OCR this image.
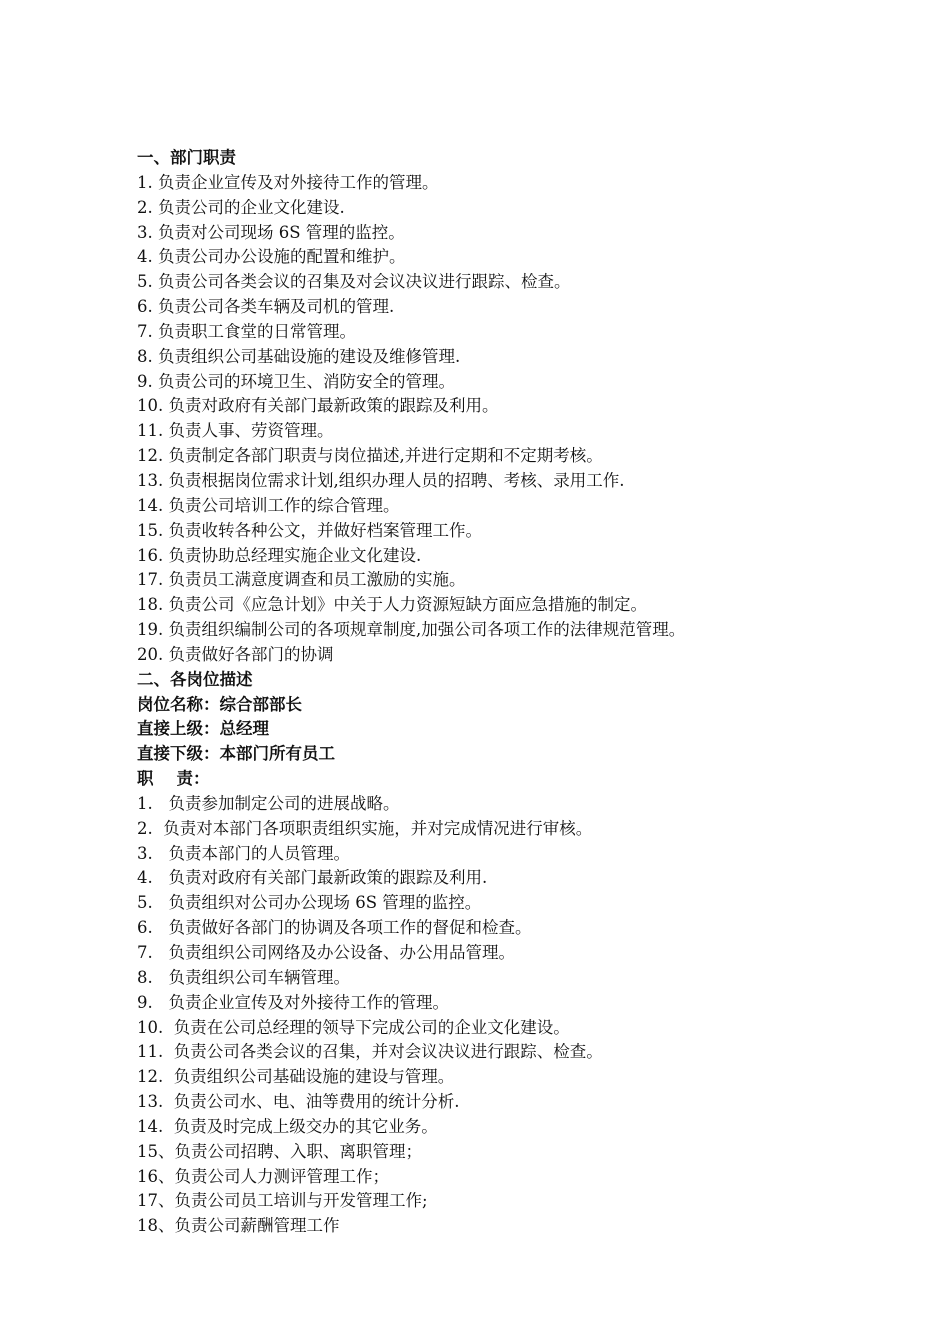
一、部门职责
1. 负责企业宣传及对外接待工作的管理。
2. 负责公司的企业文化建设.
3. 负责对公司现场 6S 管理的监控。
4. 负责公司办公设施的配置和维护。
5. 负责公司各类会议的召集及对会议决议进行跟踪、检查。
6. 负责公司各类车辆及司机的管理.
7. 负责职工食堂的日常管理。
8. 负责组织公司基础设施的建设及维修管理.
9. 负责公司的环境卫生、消防安全的管理。
10. 负责对政府有关部门最新政策的跟踪及利用。
11. 负责人事、劳资管理。
12. 负责制定各部门职责与岗位描述,并进行定期和不定期考核。
13. 负责根据岗位需求计划,组织办理人员的招聘、考核、录用工作.
14. 负责公司培训工作的综合管理。
15. 负责收转各种公文，并做好档案管理工作。
16. 负责协助总经理实施企业文化建设.
17. 负责员工满意度调查和员工激励的实施。
18. 负责公司《应急计划》中关于人力资源短缺方面应急措施的制定。
19. 负责组织编制公司的各项规章制度,加强公司各项工作的法律规范管理。
20. 负责做好各部门的协调
二、各岗位描述
岗位名称：综合部部长
直接上级：总经理
直接下级：本部门所有员工
职    责：
1.   负责参加制定公司的进展战略。
2.  负责对本部门各项职责组织实施，并对完成情况进行审核。
3.   负责本部门的人员管理。
4.   负责对政府有关部门最新政策的跟踪及利用.
5.   负责组织对公司办公现场 6S 管理的监控。
6.   负责做好各部门的协调及各项工作的督促和检查。
7.   负责组织公司网络及办公设备、办公用品管理。
8.   负责组织公司车辆管理。
9.   负责企业宣传及对外接待工作的管理。
10.  负责在公司总经理的领导下完成公司的企业文化建设。
11.  负责公司各类会议的召集，并对会议决议进行跟踪、检查。
12.  负责组织公司基础设施的建设与管理。
13.  负责公司水、电、油等费用的统计分析.
14.  负责及时完成上级交办的其它业务。
15、负责公司招聘、入职、离职管理；
16、负责公司人力测评管理工作；
17、负责公司员工培训与开发管理工作;
18、负责公司薪酬管理工作
